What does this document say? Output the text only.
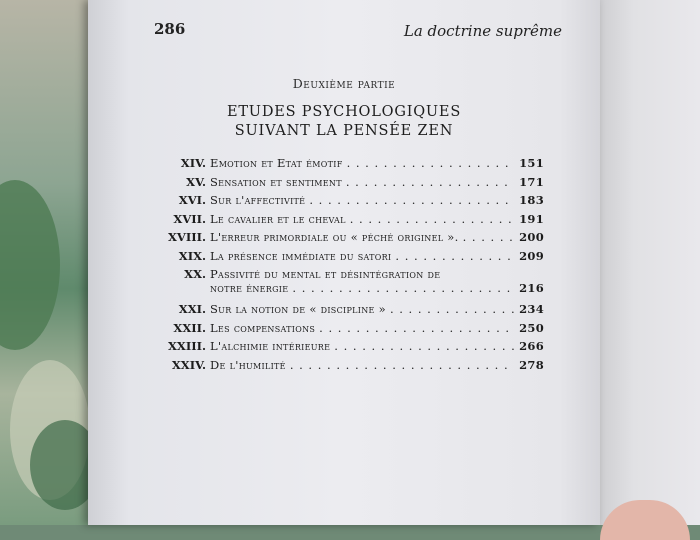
286	La doctrine suprême
Deuxième partie
ETUDES PSYCHOLOGIQUES
SUIVANT LA PENSÉE ZEN
XIV. Emotion et Etat émotif . . .	151
XV. Sensation et sentiment . . .	171
XVI. Sur l'affectivité . . .	183
XVII. Le cavalier et le cheval . . .	191
XVIII. L'erreur primordiale ou « péché originel ». . . .	200
XIX. La présence immédiate du satori . . .	209
XX. Passivité du mental et désintégration de
notre énergie . . .	216
XXI. Sur la notion de « discipline » . . .	234
XXII. Les compensations . . .	250
XXIII. L'alchimie intérieure . . .	266
XXIV. De l'humilité . . .	278
